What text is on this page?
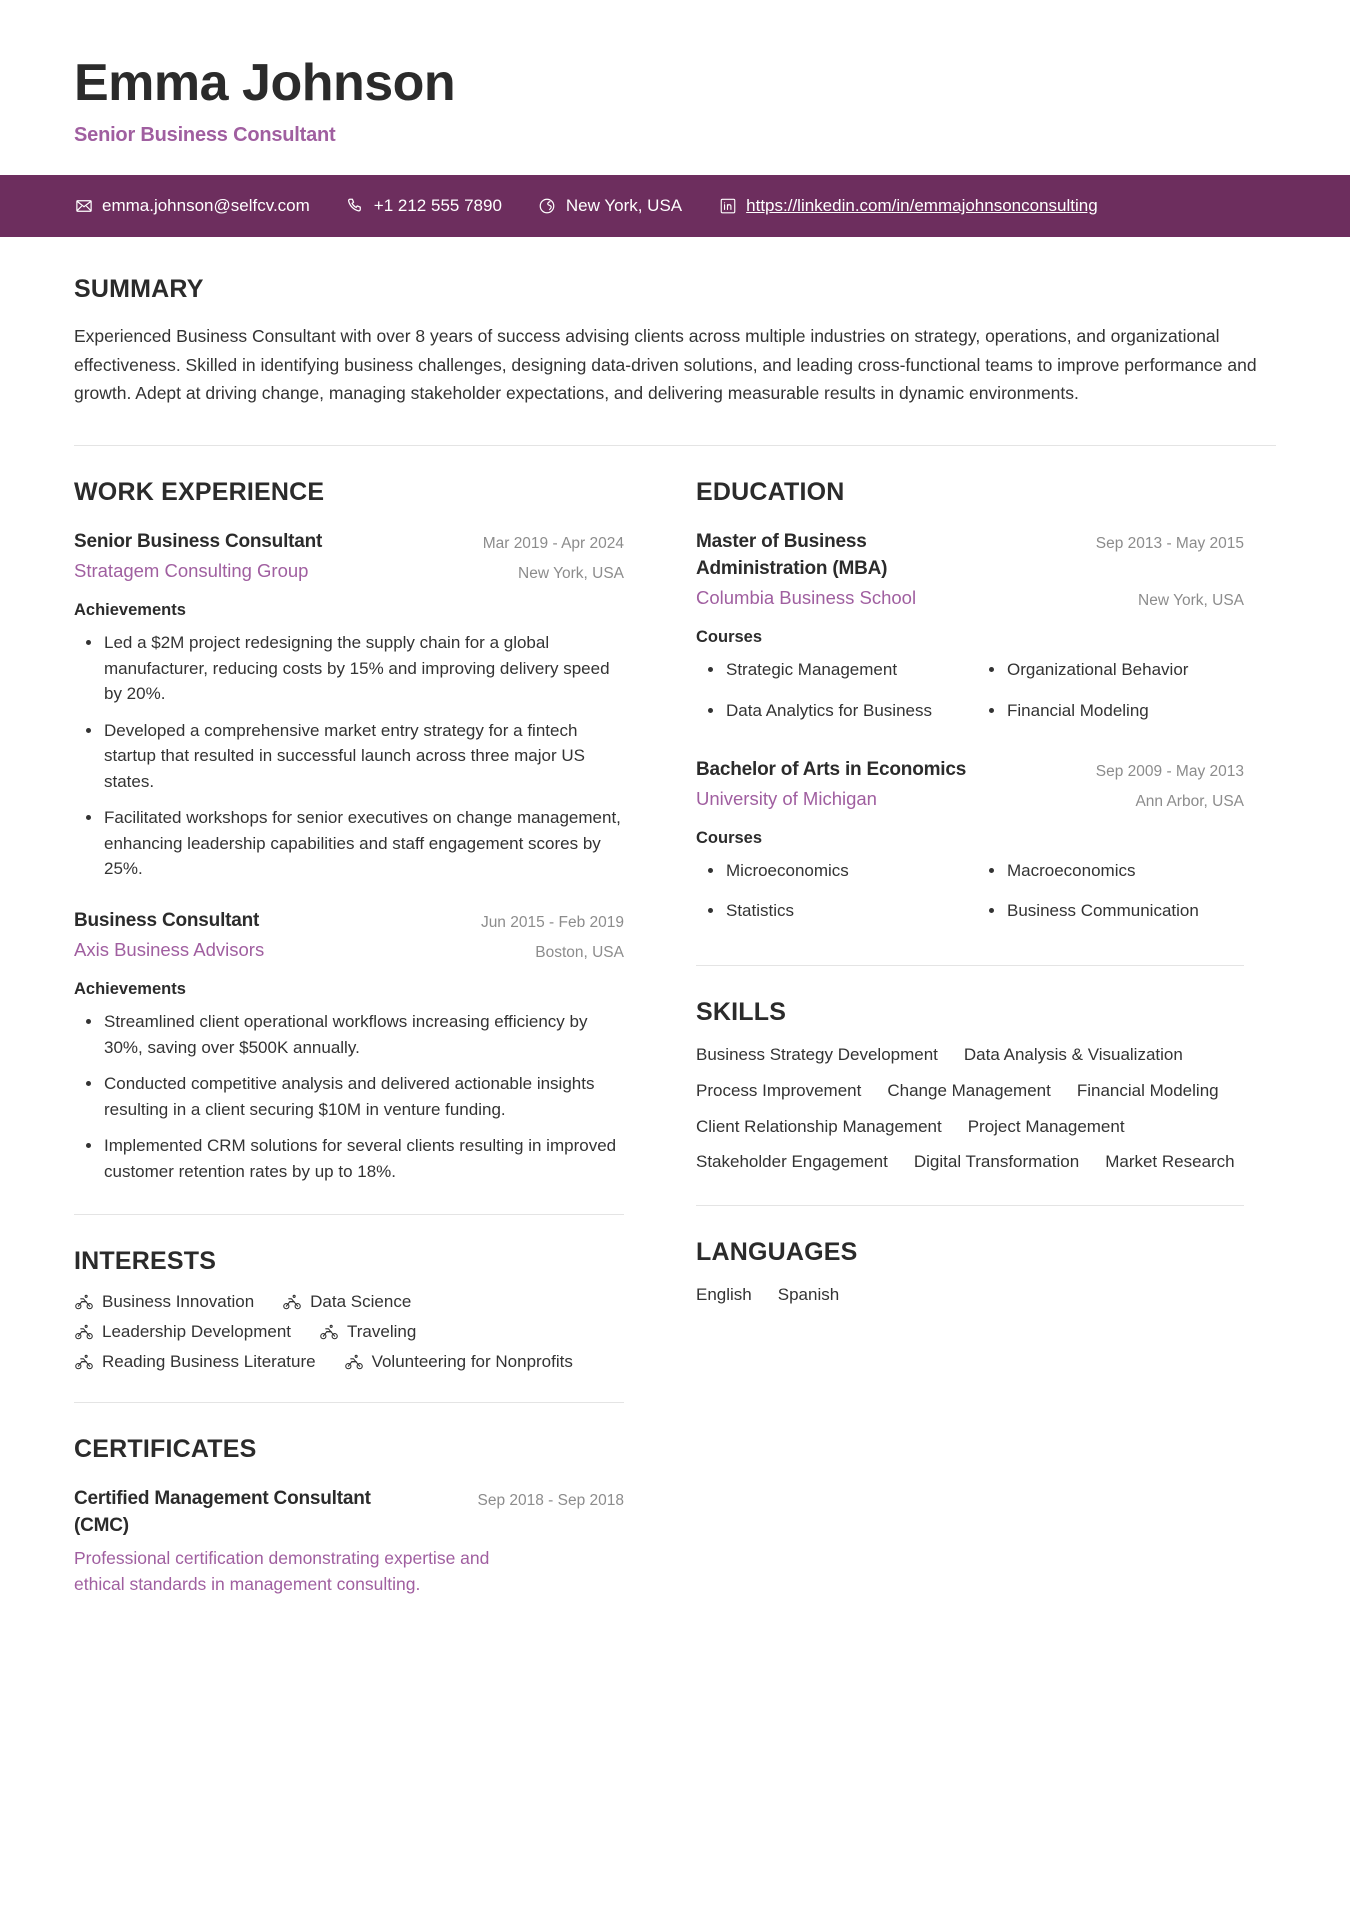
Emma Johnson
Senior Business Consultant
emma.johnson@selfcv.com	+1 212 555 7890	New York, USA	https://linkedin.com/in/emmajohnsonconsulting
SUMMARY
Experienced Business Consultant with over 8 years of success advising clients across multiple industries on strategy, operations, and organizational effectiveness. Skilled in identifying business challenges, designing data-driven solutions, and leading cross-functional teams to improve performance and growth. Adept at driving change, managing stakeholder expectations, and delivering measurable results in dynamic environments.
WORK EXPERIENCE
Senior Business Consultant	Mar 2019 - Apr 2024
Stratagem Consulting Group	New York, USA
Achievements
Led a $2M project redesigning the supply chain for a global manufacturer, reducing costs by 15% and improving delivery speed by 20%.
Developed a comprehensive market entry strategy for a fintech startup that resulted in successful launch across three major US states.
Facilitated workshops for senior executives on change management, enhancing leadership capabilities and staff engagement scores by 25%.
Business Consultant	Jun 2015 - Feb 2019
Axis Business Advisors	Boston, USA
Achievements
Streamlined client operational workflows increasing efficiency by 30%, saving over $500K annually.
Conducted competitive analysis and delivered actionable insights resulting in a client securing $10M in venture funding.
Implemented CRM solutions for several clients resulting in improved customer retention rates by up to 18%.
INTERESTS
Business Innovation	Data Science
Leadership Development	Traveling
Reading Business Literature	Volunteering for Nonprofits
CERTIFICATES
Certified Management Consultant (CMC)
Sep 2018 - Sep 2018
Professional certification demonstrating expertise and ethical standards in management consulting.
EDUCATION
Master of Business Administration (MBA)
Sep 2013 - May 2015
Columbia Business School	New York, USA
Courses
Strategic Management	Organizational Behavior
Data Analytics for Business	Financial Modeling
Bachelor of Arts in Economics	Sep 2009 - May 2013
University of Michigan	Ann Arbor, USA
Courses
Microeconomics	Macroeconomics
Statistics	Business Communication
SKILLS
Business Strategy Development Data Analysis & Visualization
Process Improvement Change Management Financial Modeling
Client Relationship Management Project Management
Stakeholder Engagement Digital Transformation Market Research
LANGUAGES
English Spanish
